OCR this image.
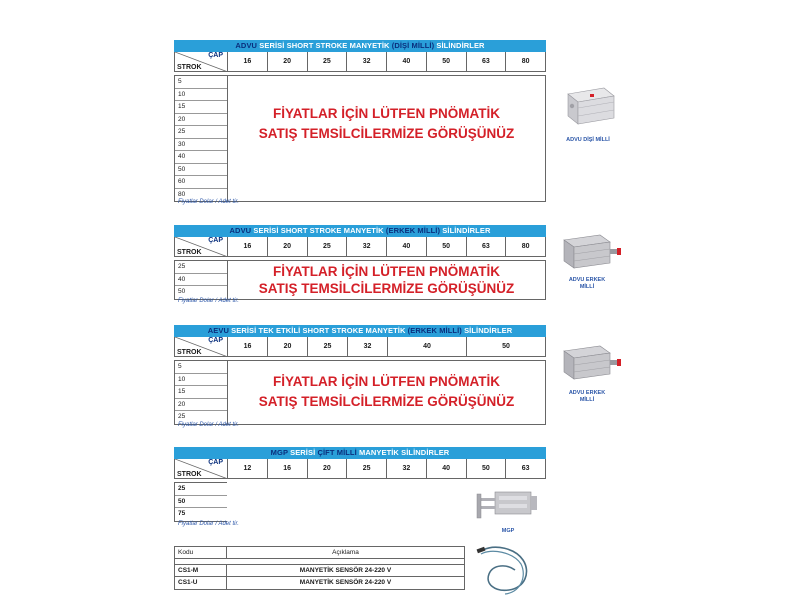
ADVU SERİSİ SHORT STROKE MANYETİK (DİŞİ MİLLİ) SİLİNDİRLER
ÇAP
STROK
16	20	25	32	40	50	63	80
5
10
15
20
25
30
40
50
60
80
FİYATLAR İÇİN LÜTFEN PNÖMATİK
SATIŞ TEMSİLCİLERMİZE GÖRÜŞÜNÜZ
Fiyatlar Dolar / Adet tir.
ADVU DİŞİ MİLLİ
ADVU SERİSİ SHORT STROKE MANYETİK (ERKEK MİLLİ) SİLİNDİRLER
ÇAP
STROK
16	20	25	32	40	50	63	80
25
40
50
FİYATLAR İÇİN LÜTFEN PNÖMATİK
SATIŞ TEMSİLCİLERMİZE GÖRÜŞÜNÜZ
Fiyatlar Dolar / Adet tir.
ADVU ERKEK MİLLİ
AEVU SERİSİ TEK ETKİLİ SHORT STROKE MANYETİK (ERKEK MİLLİ) SİLİNDİRLER
ÇAP
STROK
16	20	25	32	40	50
5
10
15
20
25
FİYATLAR İÇİN LÜTFEN PNÖMATİK
SATIŞ TEMSİLCİLERMİZE GÖRÜŞÜNÜZ
Fiyatlar Dolar / Adet tir.
ADVU ERKEK MİLLİ
MGP SERİSİ ÇİFT MİLLİ MANYETİK SİLİNDİRLER
ÇAP
STROK
12	16	20	25	32	40	50	63
25
50
75
Fiyatlar Dolar / Adet tir.
MGP
Kodu	Açıklama
CS1-M	MANYETİK SENSÖR 24-220 V
CS1-U	MANYETİK SENSÖR 24-220 V
